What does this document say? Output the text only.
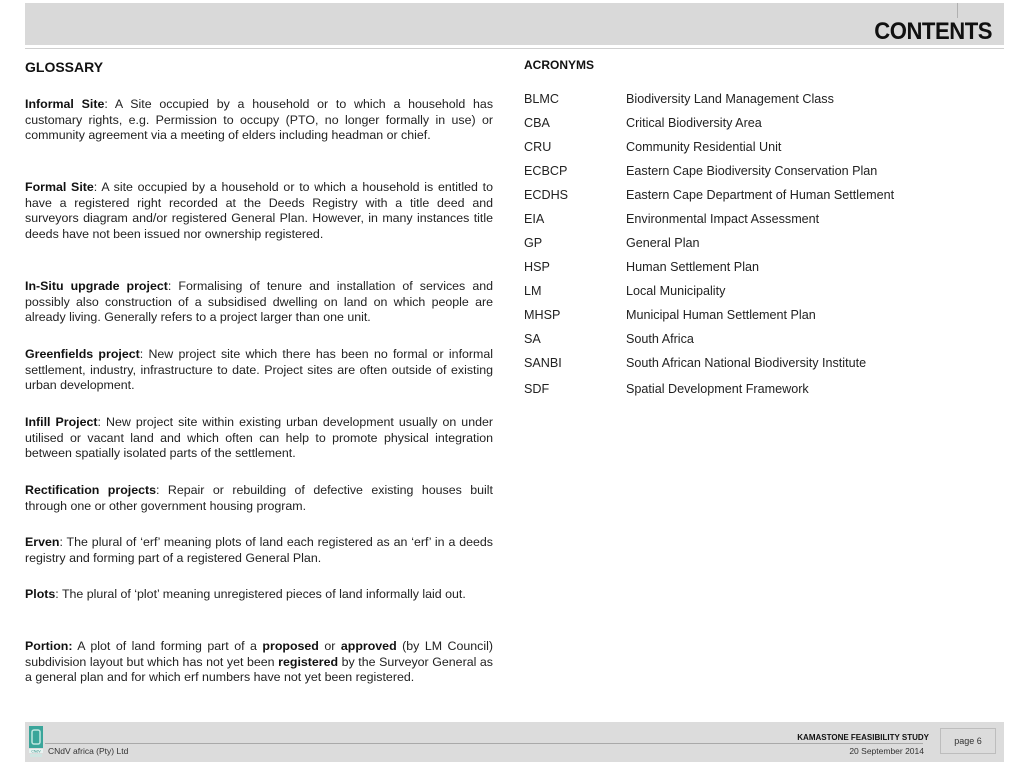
CONTENTS
GLOSSARY

Informal Site: A Site occupied by a household or to which a household has customary rights, e.g. Permission to occupy (PTO, no longer formally in use) or community agreement via a meeting of elders including headman or chief.

Formal Site: A site occupied by a household or to which a household is entitled to have a registered right recorded at the Deeds Registry with a title deed and surveyors diagram and/or registered General Plan. However, in many instances title deeds have not been issued nor ownership registered.

In-Situ upgrade project: Formalising of tenure and installation of services and possibly also construction of a subsidised dwelling on land on which people are already living. Generally refers to a project larger than one unit.

Greenfields project: New project site which there has been no formal or informal settlement, industry, infrastructure to date. Project sites are often outside of existing urban development.

Infill Project: New project site within existing urban development usually on under utilised or vacant land and which often can help to promote physical integration between spatially isolated parts of the settlement.

Rectification projects: Repair or rebuilding of defective existing houses built through one or other government housing program.

Erven: The plural of ‘erf’ meaning plots of land each registered as an ‘erf’ in a deeds registry and forming part of a registered General Plan.

Plots: The plural of ‘plot’ meaning unregistered pieces of land informally laid out.

Portion: A plot of land forming part of a proposed or approved (by LM Council) subdivision layout but which has not yet been registered by the Surveyor General as a general plan and for which erf numbers have not yet been registered.

ACRONYMS
BLMC	Biodiversity Land Management Class
CBA	Critical Biodiversity Area
CRU	Community Residential Unit
ECBCP	Eastern Cape Biodiversity Conservation Plan
ECDHS	Eastern Cape Department of Human Settlement
EIA	Environmental Impact Assessment
GP	General Plan
HSP	Human Settlement Plan
LM	Local Municipality
MHSP	Municipal Human Settlement Plan
SA	South Africa
SANBI	South African National Biodiversity Institute
SDF	Spatial Development Framework
CNdV CNdV africa (Pty) Ltd
KAMASTONE FEASIBILITY STUDY
20 September 2014
page 6
